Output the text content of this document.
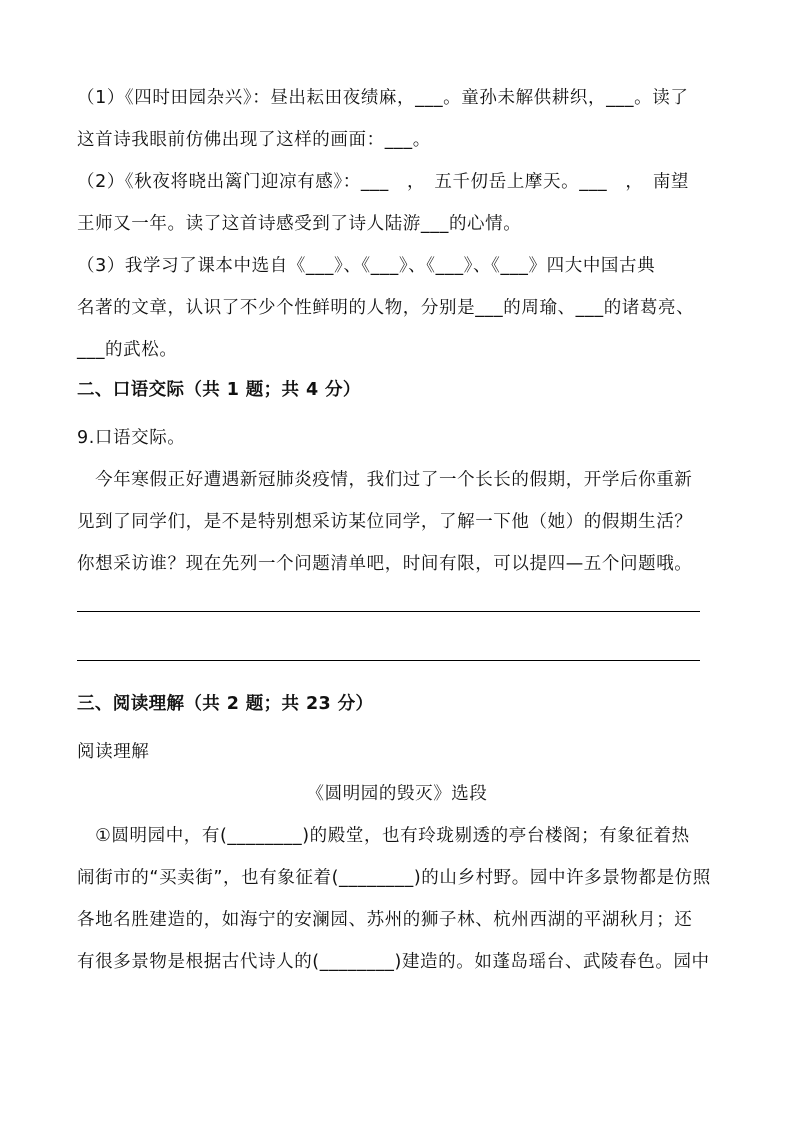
（1）《四时田园杂兴》：昼出耘田夜绩麻，___。童孙未解供耕织，___。读了
这首诗我眼前仿佛出现了这样的画面：___。
（2）《秋夜将晓出篱门迎凉有感》：___　，　五千仞岳上摩天。___　，　南望
王师又一年。读了这首诗感受到了诗人陆游___的心情。
（3）我学习了课本中选自《___》、《___》、《___》、《___》四大中国古典
名著的文章，认识了不少个性鲜明的人物，分别是___的周瑜、___的诸葛亮、
___的武松。
二、口语交际（共 1 题；共 4 分）
9.口语交际。
　今年寒假正好遭遇新冠肺炎疫情，我们过了一个长长的假期，开学后你重新
见到了同学们，是不是特别想采访某位同学，了解一下他（她）的假期生活？
你想采访谁？现在先列一个问题清单吧，时间有限，可以提四—五个问题哦。
三、阅读理解（共 2 题；共 23 分）
阅读理解
《圆明园的毁灭》选段
　①圆明园中，有(________)的殿堂，也有玲珑剔透的亭台楼阁；有象征着热
闹街市的“买卖街”，也有象征着(________)的山乡村野。园中许多景物都是仿照
各地名胜建造的，如海宁的安澜园、苏州的狮子林、杭州西湖的平湖秋月；还
有很多景物是根据古代诗人的(________)建造的。如蓬岛瑶台、武陵春色。园中
